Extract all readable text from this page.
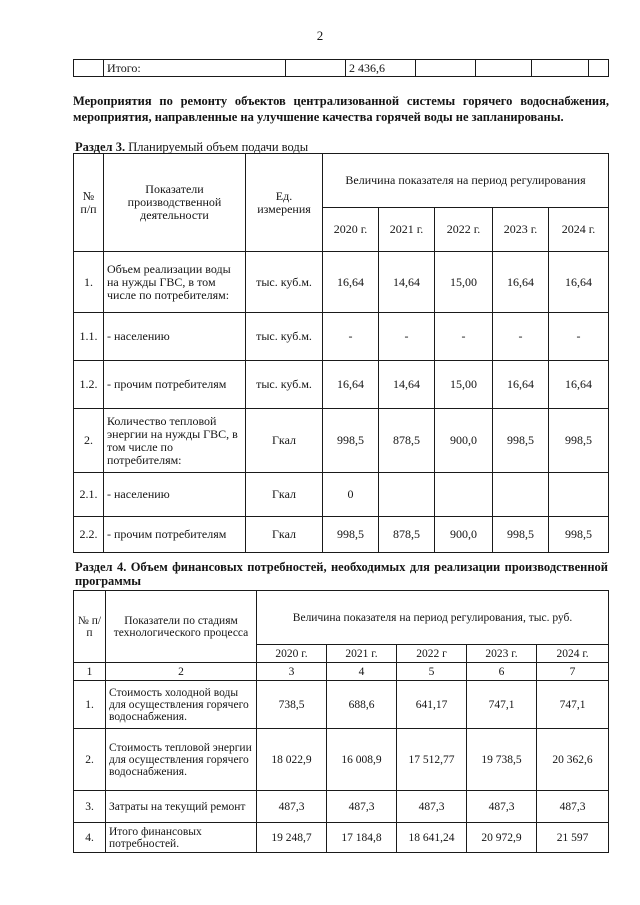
2
	Итого:		2 436,6				
Мероприятия по ремонту объектов централизованной системы горячего водоснабжения, мероприятия, направленные на улучшение качества горячей воды не запланированы.
Раздел 3. Планируемый объем подачи воды
№ п/п	Показатели производственной деятельности	Ед. измерения	Величина показателя на период регулирования				
			2020 г.	2021 г.	2022 г.	2023 г.	2024 г.
1.	Объем реализации воды на нужды ГВС, в том числе по потребителям:	тыс. куб.м.	16,64	14,64	15,00	16,64	16,64
1.1.	- населению	тыс. куб.м.	-	-	-	-	-
1.2.	- прочим потребителям	тыс. куб.м.	16,64	14,64	15,00	16,64	16,64
2.	Количество тепловой энергии на нужды ГВС, в том числе по потребителям:	Гкал	998,5	878,5	900,0	998,5	998,5
2.1.	- населению	Гкал	0				
2.2.	- прочим потребителям	Гкал	998,5	878,5	900,0	998,5	998,5
Раздел 4. Объем финансовых потребностей, необходимых для реализации производственной программы
№ п/п	Показатели по стадиям технологического процесса	Величина показателя на период регулирования, тыс. руб.				
		2020 г.	2021 г.	2022 г	2023 г.	2024 г.
1	2	3	4	5	6	7
1.	Стоимость холодной воды для осуществления горячего водоснабжения.	738,5	688,6	641,17	747,1	747,1
2.	Стоимость тепловой энергии для осуществления горячего водоснабжения.	18 022,9	16 008,9	17 512,77	19 738,5	20 362,6
3.	Затраты на текущий ремонт	487,3	487,3	487,3	487,3	487,3
4.	Итого финансовых потребностей.	19 248,7	17 184,8	18 641,24	20 972,9	21 597
